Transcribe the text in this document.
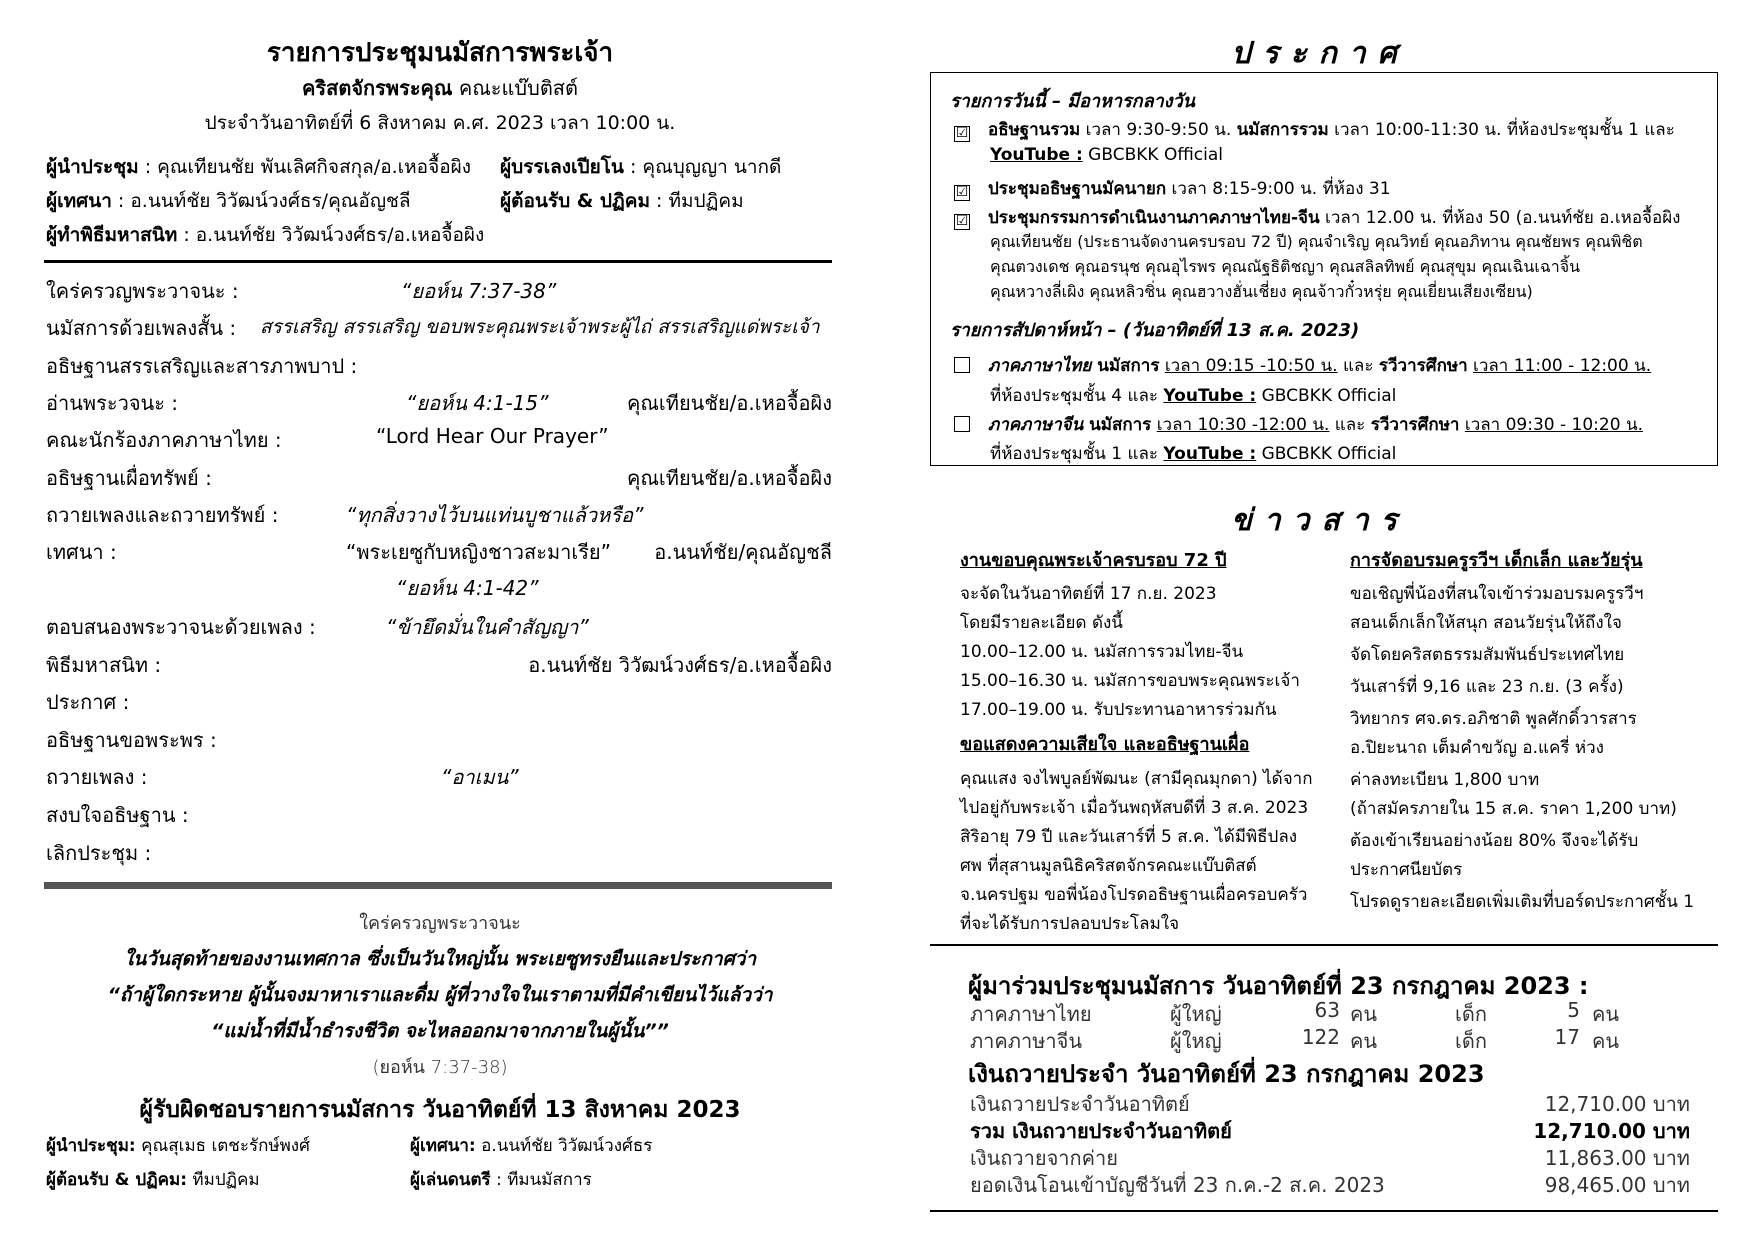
รายการประชุมนมัสการพระเจ้า
คริสตจักรพระคุณ คณะแบ๊บติสต์
ประจำวันอาทิตย์ที่ 6 สิงหาคม ค.ศ. 2023 เวลา 10:00 น.
ผู้นำประชุม : คุณเทียนชัย พันเลิศกิจสกุล/อ.เหอจื้อผิง
ผู้เทศนา : อ.นนท์ชัย วิวัฒน์วงศ์ธร/คุณอัญชลี
ผู้ทำพิธีมหาสนิท : อ.นนท์ชัย วิวัฒน์วงศ์ธร/อ.เหอจื้อผิง
ผู้บรรเลงเปียโน : คุณบุญญา นากดี
ผู้ต้อนรับ & ปฏิคม : ทีมปฏิคม
ใคร่ครวญพระวาจนะ :	“ยอห์น 7:37-38”
นมัสการด้วยเพลงสั้น : สรรเสริญ สรรเสริญ ขอบพระคุณพระเจ้าพระผู้ไถ่ สรรเสริญแด่พระเจ้า
อธิษฐานสรรเสริญและสารภาพบาป :
อ่านพระวจนะ :	“ยอห์น 4:1-15”	คุณเทียนชัย/อ.เหอจื้อผิง
คณะนักร้องภาคภาษาไทย :	“Lord Hear Our Prayer”
อธิษฐานเผื่อทรัพย์ :	คุณเทียนชัย/อ.เหอจื้อผิง
ถวายเพลงและถวายทรัพย์ :	“ทุกสิ่งวางไว้บนแท่นบูชาแล้วหรือ”
เทศนา :	“พระเยซูกับหญิงชาวสะมาเรีย” อ.นนท์ชัย/คุณอัญชลี
“ยอห์น 4:1-42”
ตอบสนองพระวาจนะด้วยเพลง :	“ข้ายึดมั่นในคำสัญญา”
พิธีมหาสนิท :	อ.นนท์ชัย วิวัฒน์วงศ์ธร/อ.เหอจื้อผิง
ประกาศ :
อธิษฐานขอพระพร :
ถวายเพลง :	“อาเมน”
สงบใจอธิษฐาน :
เลิกประชุม :
ใคร่ครวญพระวาจนะ
ในวันสุดท้ายของงานเทศกาล ซึ่งเป็นวันใหญ่นั้น พระเยซูทรงยืนและประกาศว่า
“ถ้าผู้ใดกระหาย ผู้นั้นจงมาหาเราและดื่ม ผู้ที่วางใจในเราตามที่มีคำเขียนไว้แล้วว่า
“แม่น้ำที่มีน้ำธำรงชีวิต จะไหลออกมาจากภายในผู้นั้น””
(ยอห์น 7:37-38)
ผู้รับผิดชอบรายการนมัสการ วันอาทิตย์ที่ 13 สิงหาคม 2023
ผู้นำประชุม: คุณสุเมธ เตชะรักษ์พงศ์
ผู้ต้อนรับ & ปฏิคม: ทีมปฏิคม
ผู้เทศนา: อ.นนท์ชัย วิวัฒน์วงศ์ธร
ผู้เล่นดนตรี : ทีมนมัสการ
ประกาศ
รายการวันนี้ – มีอาหารกลางวัน
☑ อธิษฐานรวม เวลา 9:30-9:50 น. นมัสการรวม เวลา 10:00-11:30 น. ที่ห้องประชุมชั้น 1 และ
YouTube : GBCBKK Official
☑ ประชุมอธิษฐานมัคนายก เวลา 8:15-9:00 น. ที่ห้อง 31
☑ ประชุมกรรมการดำเนินงานภาคภาษาไทย-จีน เวลา 12.00 น. ที่ห้อง 50 (อ.นนท์ชัย อ.เหอจื้อผิง
คุณเทียนชัย (ประธานจัดงานครบรอบ 72 ปี) คุณจำเริญ คุณวิทย์ คุณอภิทาน คุณชัยพร คุณพิชิต
คุณตวงเดช คุณอรนุช คุณอุไรพร คุณณัฐธิติชญา คุณสลิลทิพย์ คุณสุขุม คุณเฉินเฉาจิ้น
คุณหวางลี่เผิง คุณหลิวชิ่น คุณฮวางฮั่นเชี่ยง คุณจ้าวกั๋วหรุ่ย คุณเยี่ยนเสียงเซียน)
รายการสัปดาห์หน้า – (วันอาทิตย์ที่ 13 ส.ค. 2023)
ภาคภาษาไทย นมัสการ เวลา 09:15 -10:50 น. และ รวีวารศึกษา เวลา 11:00 - 12:00 น.
ที่ห้องประชุมชั้น 4 และ YouTube : GBCBKK Official
ภาคภาษาจีน นมัสการ เวลา 10:30 -12:00 น. และ รวีวารศึกษา เวลา 09:30 - 10:20 น.
ที่ห้องประชุมชั้น 1 และ YouTube : GBCBKK Official
ข่าวสาร
งานขอบคุณพระเจ้าครบรอบ 72 ปี
จะจัดในวันอาทิตย์ที่ 17 ก.ย. 2023
โดยมีรายละเอียด ดังนี้
10.00–12.00 น. นมัสการรวมไทย-จีน
15.00–16.30 น. นมัสการขอบพระคุณพระเจ้า
17.00–19.00 น. รับประทานอาหารร่วมกัน
ขอแสดงความเสียใจ และอธิษฐานเผื่อ
คุณแสง จงไพบูลย์พัฒนะ (สามีคุณมุกดา) ได้จาก
ไปอยู่กับพระเจ้า เมื่อวันพฤหัสบดีที่ 3 ส.ค. 2023
สิริอายุ 79 ปี และวันเสาร์ที่ 5 ส.ค. ได้มีพิธีปลง
ศพ ที่สุสานมูลนิธิคริสตจักรคณะแบ๊บติสต์
จ.นครปฐม ขอพี่น้องโปรดอธิษฐานเผื่อครอบครัว
ที่จะได้รับการปลอบประโลมใจ
การจัดอบรมครูรวีฯ เด็กเล็ก และวัยรุ่น
ขอเชิญพี่น้องที่สนใจเข้าร่วมอบรมครูรวีฯ
สอนเด็กเล็กให้สนุก สอนวัยรุ่นให้ถึงใจ
จัดโดยคริสตธรรมสัมพันธ์ประเทศไทย
วันเสาร์ที่ 9,16 และ 23 ก.ย. (3 ครั้ง)
วิทยากร ศจ.ดร.อภิชาติ พูลศักดิ์วารสาร
อ.ปิยะนาถ เต็มคำขวัญ อ.แครี่ ห่วง
ค่าลงทะเบียน 1,800 บาท
(ถ้าสมัครภายใน 15 ส.ค. ราคา 1,200 บาท)
ต้องเข้าเรียนอย่างน้อย 80% จึงจะได้รับ
ประกาศนียบัตร
โปรดดูรายละเอียดเพิ่มเติมที่บอร์ดประกาศชั้น 1
ผู้มาร่วมประชุมนมัสการ วันอาทิตย์ที่ 23 กรกฎาคม 2023 :
ภาคภาษาไทย	ผู้ใหญ่	63 คน	เด็ก	5 คน
ภาคภาษาจีน	ผู้ใหญ่	122 คน	เด็ก	17 คน
เงินถวายประจำ วันอาทิตย์ที่ 23 กรกฎาคม 2023
เงินถวายประจำวันอาทิตย์	12,710.00 บาท
รวม เงินถวายประจำวันอาทิตย์	12,710.00 บาท
เงินถวายจากค่าย	11,863.00 บาท
ยอดเงินโอนเข้าบัญชีวันที่ 23 ก.ค.-2 ส.ค. 2023	98,465.00 บาท
